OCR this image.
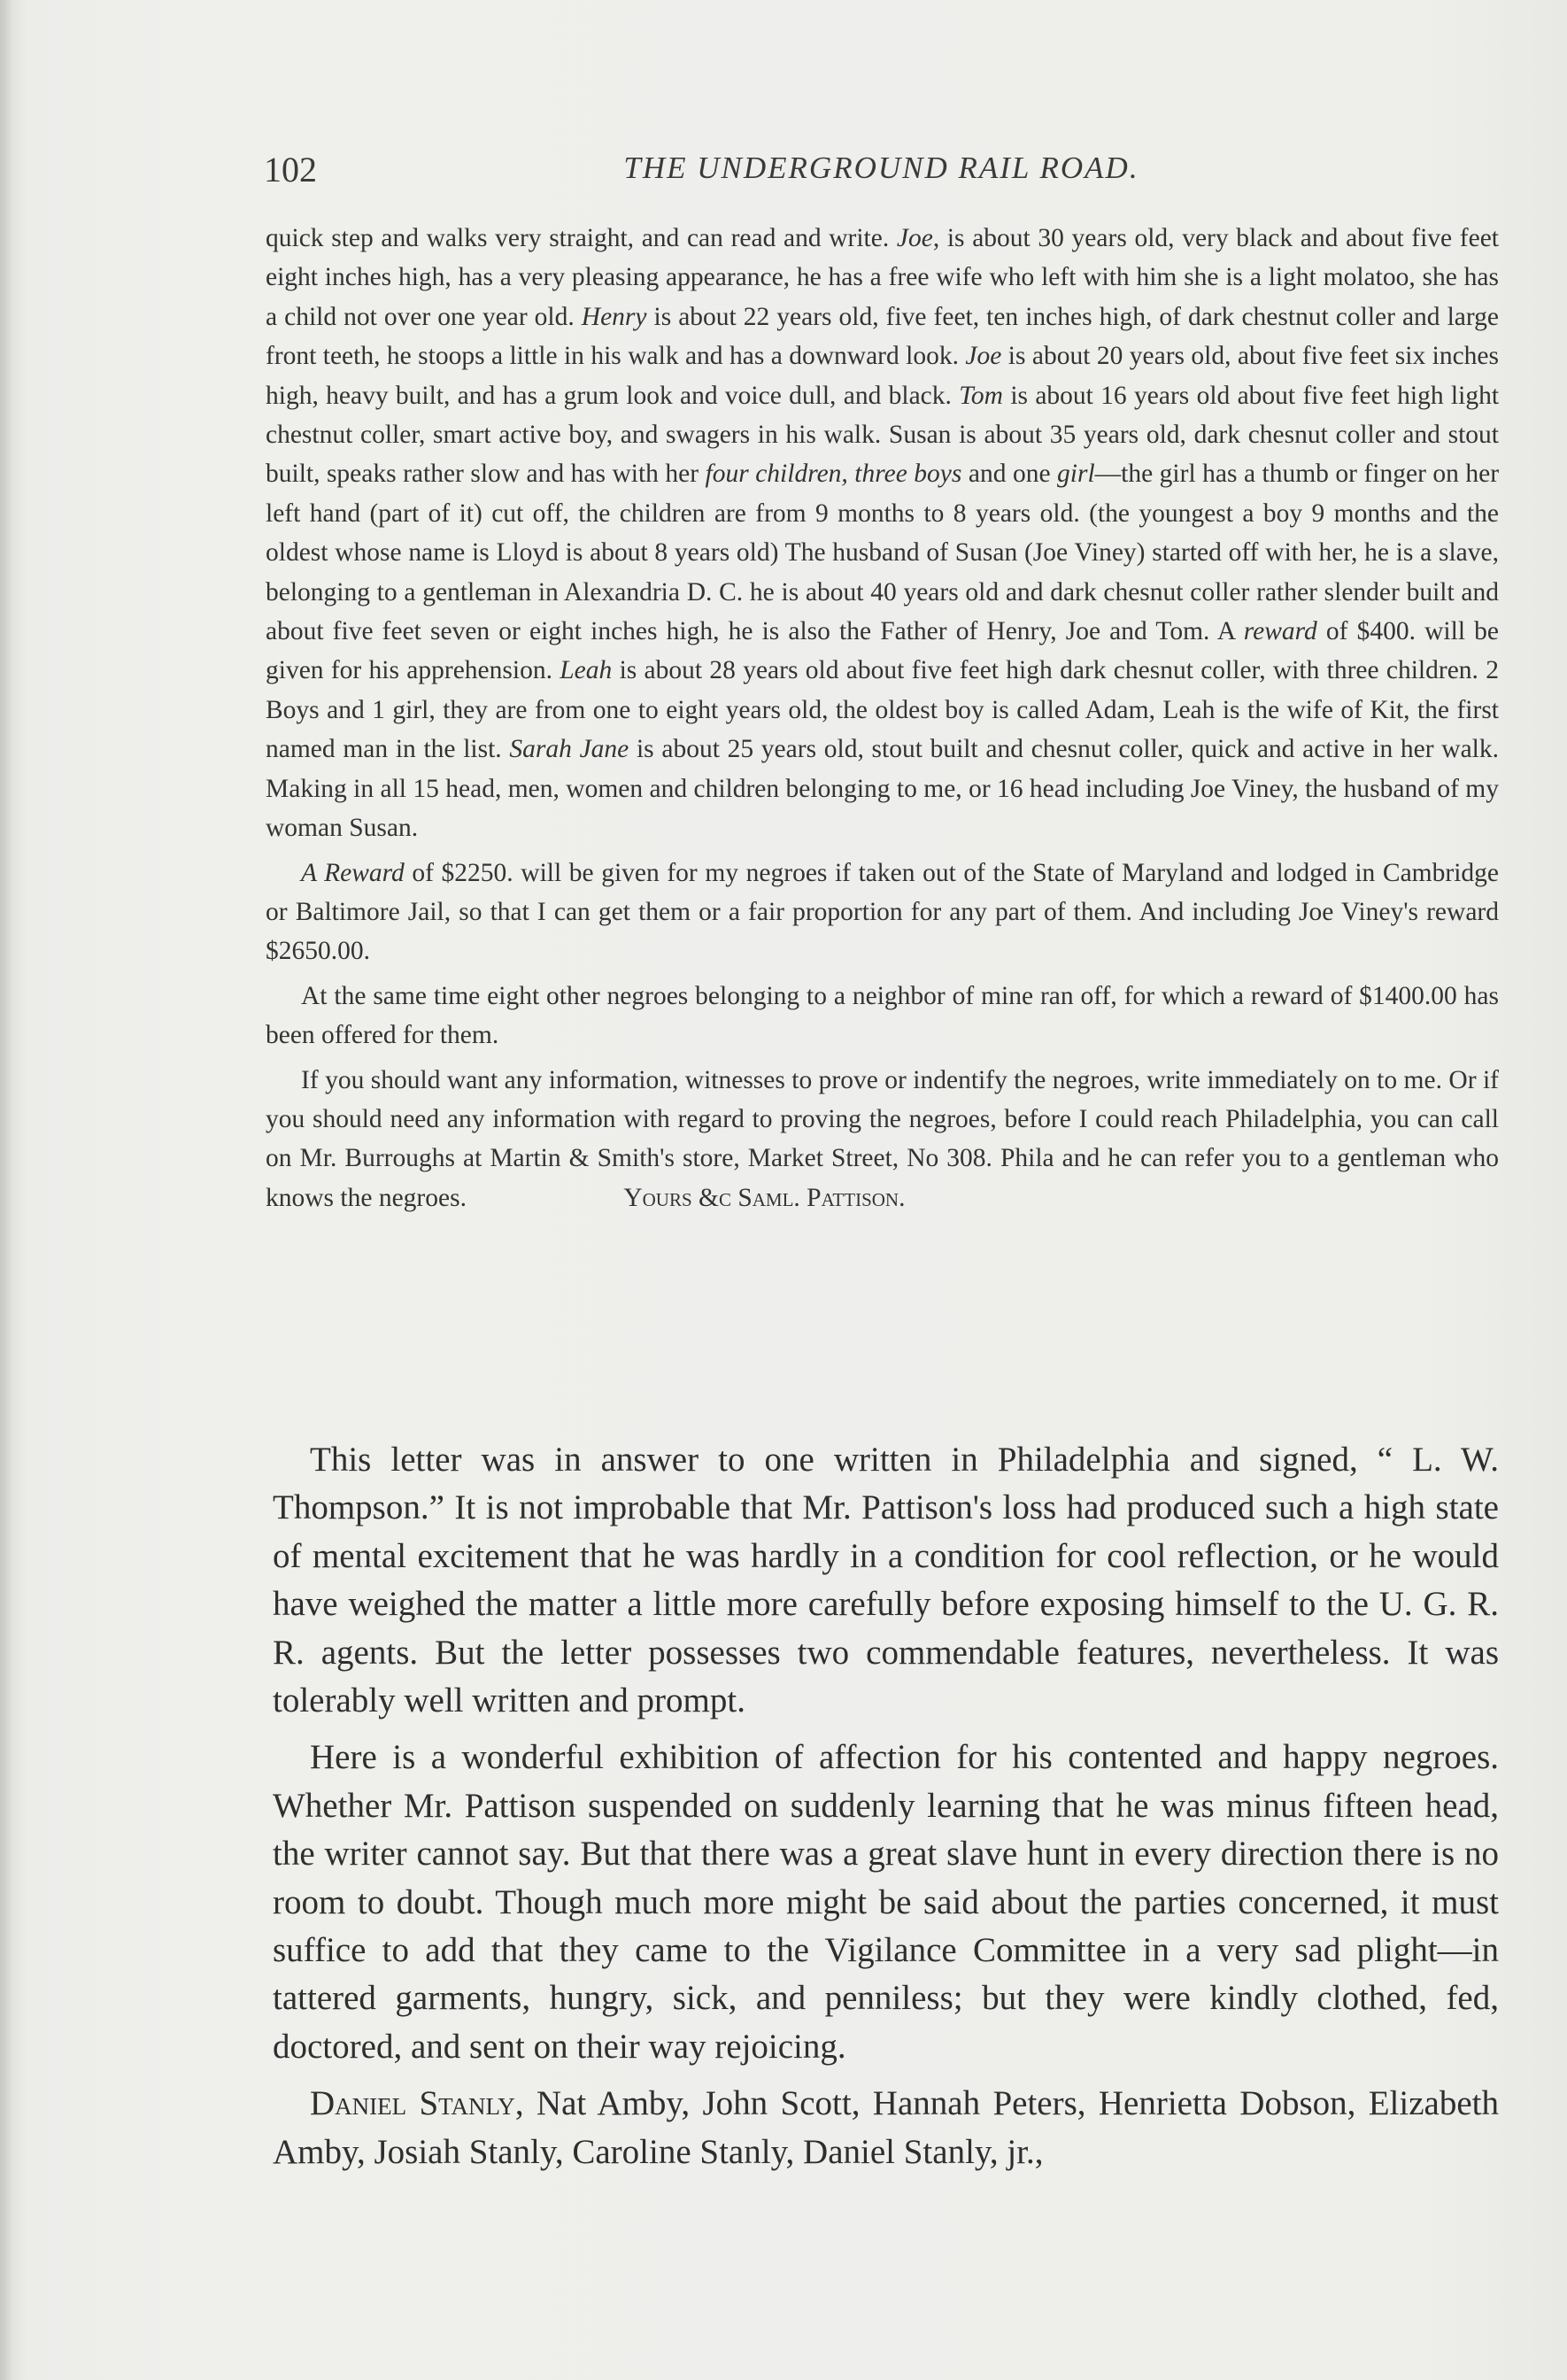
102	THE UNDERGROUND RAIL ROAD.

quick step and walks very straight, and can read and write. Joe, is about 30 years old, very black and about five feet eight inches high, has a very pleasing appearance, he has a free wife who left with him she is a light molatoo, she has a child not over one year old. Henry is about 22 years old, five feet, ten inches high, of dark chestnut coller and large front teeth, he stoops a little in his walk and has a downward look. Joe is about 20 years old, about five feet six inches high, heavy built, and has a grum look and voice dull, and black. Tom is about 16 years old about five feet high light chestnut coller, smart active boy, and swagers in his walk. Susan is about 35 years old, dark chesnut coller and stout built, speaks rather slow and has with her four children, three boys and one girl—the girl has a thumb or finger on her left hand (part of it) cut off, the children are from 9 months to 8 years old. (the youngest a boy 9 months and the oldest whose name is Lloyd is about 8 years old) The husband of Susan (Joe Viney) started off with her, he is a slave, belonging to a gentleman in Alexandria D. C. he is about 40 years old and dark chesnut coller rather slender built and about five feet seven or eight inches high, he is also the Father of Henry, Joe and Tom. A reward of $400. will be given for his apprehension. Leah is about 28 years old about five feet high dark chesnut coller, with three children. 2 Boys and 1 girl, they are from one to eight years old, the oldest boy is called Adam, Leah is the wife of Kit, the first named man in the list. Sarah Jane is about 25 years old, stout built and chesnut coller, quick and active in her walk. Making in all 15 head, men, women and children belonging to me, or 16 head including Joe Viney, the husband of my woman Susan.

A Reward of $2250. will be given for my negroes if taken out of the State of Maryland and lodged in Cambridge or Baltimore Jail, so that I can get them or a fair proportion for any part of them. And including Joe Viney's reward $2650.00.

At the same time eight other negroes belonging to a neighbor of mine ran off, for which a reward of $1400.00 has been offered for them.

If you should want any information, witnesses to prove or indentify the negroes, write immediately on to me. Or if you should need any information with regard to proving the negroes, before I could reach Philadelphia, you can call on Mr. Burroughs at Martin & Smith's store, Market Street, No 308. Phila and he can refer you to a gentleman who knows the negroes.	Yours &c Saml. Pattison.

This letter was in answer to one written in Philadelphia and signed, “ L. W. Thompson.” It is not improbable that Mr. Pattison's loss had produced such a high state of mental excitement that he was hardly in a condition for cool reflection, or he would have weighed the matter a little more carefully before exposing himself to the U. G. R. R. agents. But the letter possesses two commendable features, nevertheless. It was tolerably well written and prompt.

Here is a wonderful exhibition of affection for his contented and happy negroes. Whether Mr. Pattison suspended on suddenly learning that he was minus fifteen head, the writer cannot say. But that there was a great slave hunt in every direction there is no room to doubt. Though much more might be said about the parties concerned, it must suffice to add that they came to the Vigilance Committee in a very sad plight—in tattered garments, hungry, sick, and penniless; but they were kindly clothed, fed, doctored, and sent on their way rejoicing.

Daniel Stanly, Nat Amby, John Scott, Hannah Peters, Henrietta Dobson, Elizabeth Amby, Josiah Stanly, Caroline Stanly, Daniel Stanly, jr.,
